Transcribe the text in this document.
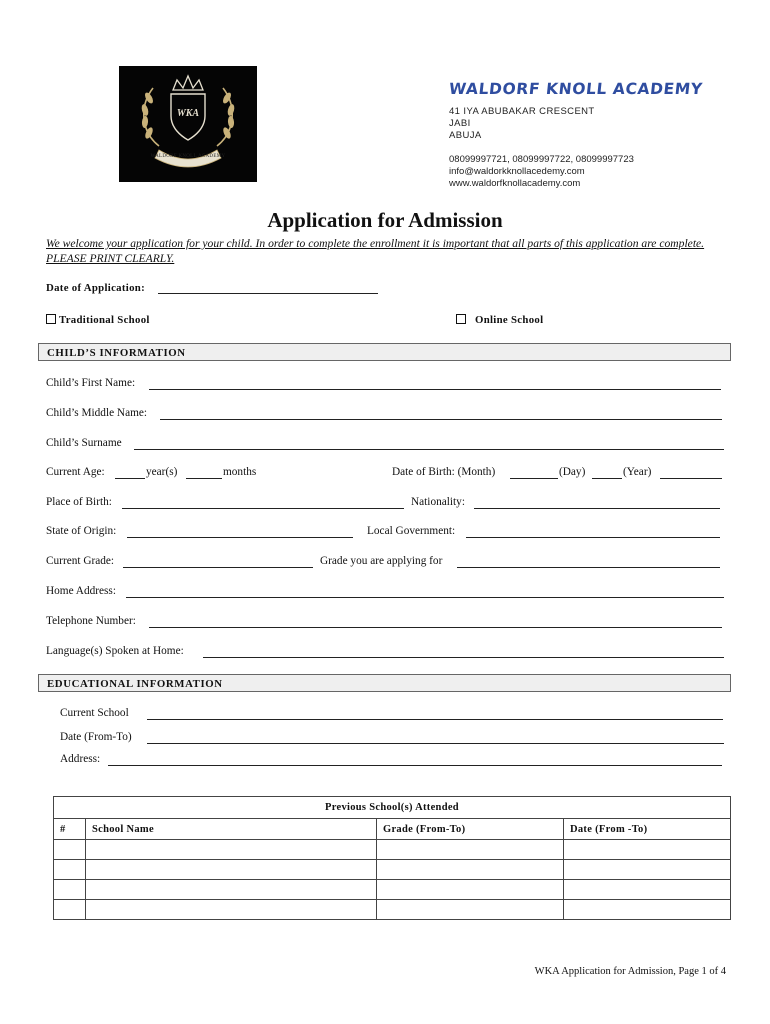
WKA
WALDORF KNOLL ACADEMY
WALDORF KNOLL ACADEMY
41 IYA ABUBAKAR CRESCENT
JABI
ABUJA
08099997721, 08099997722, 08099997723
info@waldorkknollacedemy.com
www.waldorfknollacademy.com
Application for Admission
We welcome your application for your child. In order to complete the enrollment it is important that all parts of this application are complete. PLEASE PRINT CLEARLY.
Date of Application:
Traditional School	Online School
CHILD’S INFORMATION
Child’s First Name:
Child’s Middle Name:
Child’s Surname
Current Age:	year(s)	months	Date of Birth: (Month)	(Day)	(Year)
Place of Birth:	Nationality:
State of Origin:	Local Government:
Current Grade:	Grade you are applying for
Home Address:
Telephone Number:
Language(s) Spoken at Home:
EDUCATIONAL INFORMATION
Current School
Date (From-To)
Address:
Previous School(s) Attended			
#	School Name	Grade (From-To)	Date (From -To)

WKA Application for Admission, Page 1 of 4
